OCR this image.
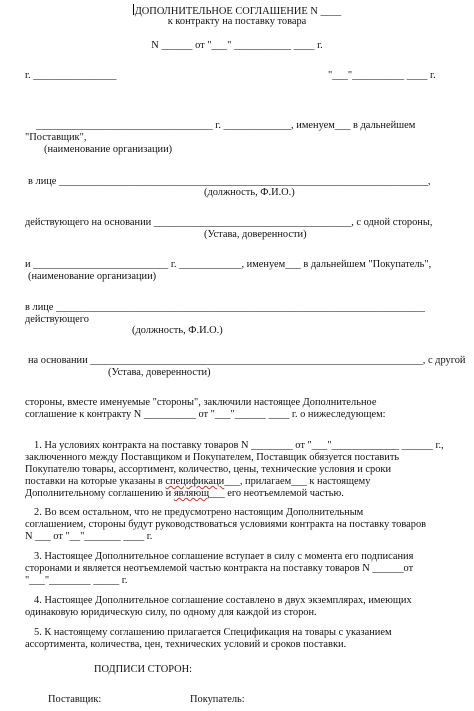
ДОПОЛНИТЕЛЬНОЕ СОГЛАШЕНИЕ N ____
к контракту на поставку товара
N ______ от "___" ___________ ____ г.
г. ________________	"___"__________ ____ г.
__________________________________ г. _____________, именуем___ в дальнейшем
"Поставщик",
(наименование организации)
в лице _______________________________________________________________________,
(должность, Ф.И.О.)
действующего на основании ______________________________________, с одной стороны,
(Устава, доверенности)
и __________________________ г. ____________, именуем___ в дальнейшем "Покупатель",
(наименование организации)
в лице _______________________________________________________________________
действующего
(должность, Ф.И.О.)
на основании ________________________________________________________________, с другой
(Устава, доверенности)
стороны, вместе именуемые "стороны", заключили настоящее Дополнительное
соглашение к контракту N __________ от "___"______ ____ г. о нижеследующем:
1. На условиях контракта на поставку товаров N ________ от "___"_____________ ______ г.,
заключенного между Поставщиком и Покупателем, Поставщик обязуется поставить
Покупателю товары, ассортимент, количество, цены, технические условия и сроки
поставки на которые указаны в спецификаци___, прилагаем___ к настоящему
Дополнительному соглашению и являющ___ его неотъемлемой частью.
2. Во всем остальном, что не предусмотрено настоящим Дополнительным
соглашением, стороны будут руководствоваться условиями контракта на поставку товаров
N ___ от "__"_______ ____ г.
3. Настоящее Дополнительное соглашение вступает в силу с момента его подписания
сторонами и является неотъемлемой частью контракта на поставку товаров N ______от
"___"________ _____ г.
4. Настоящее Дополнительное соглашение составлено в двух экземплярах, имеющих
одинаковую юридическую силу, по одному для каждой из сторон.
5. К настоящему соглашению прилагается Спецификация на товары с указанием
ассортимента, количества, цен, технических условий и сроков поставки.
ПОДПИСИ СТОРОН:
Поставщик:	Покупатель:
